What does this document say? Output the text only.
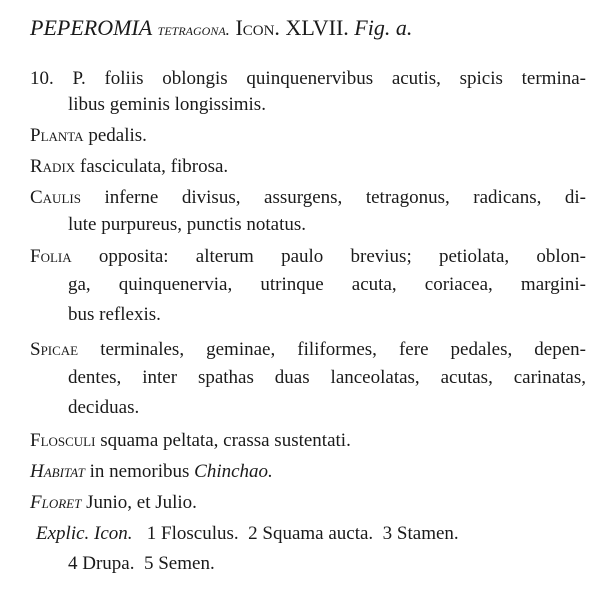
PEPEROMIA tetragona. Icon. XLVII. Fig. a.
10. P. foliis oblongis quinquenervibus acutis, spicis termina-
libus geminis longissimis.
Planta pedalis.
Radix fasciculata, fibrosa.
Caulis inferne divisus, assurgens, tetragonus, radicans, di-
lute purpureus, punctis notatus.
Folia opposita: alterum paulo brevius; petiolata, oblon-
ga, quinquenervia, utrinque acuta, coriacea, margini-
bus reflexis.
Spicae terminales, geminae, filiformes, fere pedales, depen-
dentes, inter spathas duas lanceolatas, acutas, carinatas,
deciduas.
Flosculi squama peltata, crassa sustentati.
Habitat in nemoribus Chinchao.
Floret Junio, et Julio.
Explic. Icon. 1 Flosculus.  2 Squama aucta.  3 Stamen.
4 Drupa.  5 Semen.
